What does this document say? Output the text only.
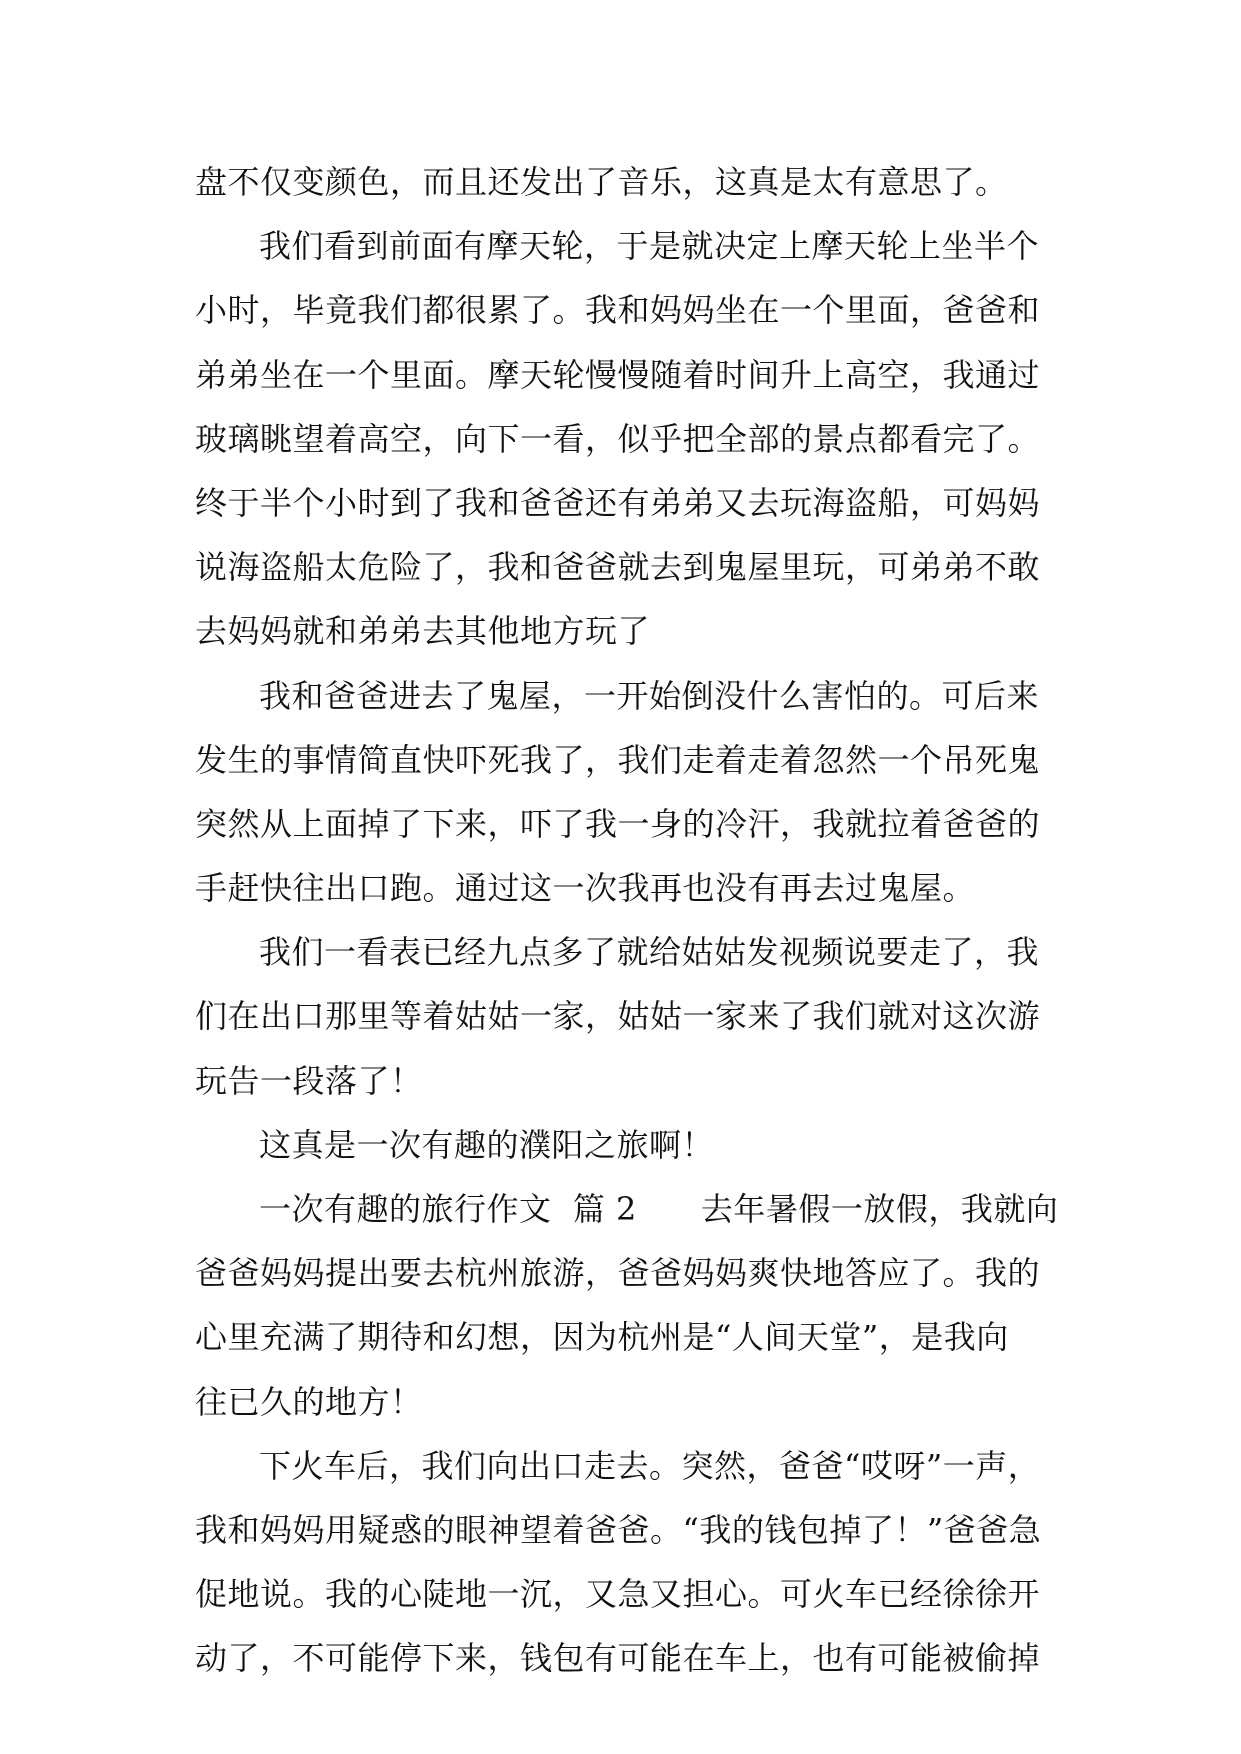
盘不仅变颜色，而且还发出了音乐，这真是太有意思了。
我们看到前面有摩天轮，于是就决定上摩天轮上坐半个
小时，毕竟我们都很累了。我和妈妈坐在一个里面，爸爸和
弟弟坐在一个里面。摩天轮慢慢随着时间升上高空，我通过
玻璃眺望着高空，向下一看，似乎把全部的景点都看完了。
终于半个小时到了我和爸爸还有弟弟又去玩海盗船，可妈妈
说海盗船太危险了，我和爸爸就去到鬼屋里玩，可弟弟不敢
去妈妈就和弟弟去其他地方玩了
我和爸爸进去了鬼屋，一开始倒没什么害怕的。可后来
发生的事情简直快吓死我了，我们走着走着忽然一个吊死鬼
突然从上面掉了下来，吓了我一身的冷汗，我就拉着爸爸的
手赶快往出口跑。通过这一次我再也没有再去过鬼屋。
我们一看表已经九点多了就给姑姑发视频说要走了，我
们在出口那里等着姑姑一家，姑姑一家来了我们就对这次游
玩告一段落了！
这真是一次有趣的濮阳之旅啊！
一次有趣的旅行作文  篇 2      去年暑假一放假，我就向
爸爸妈妈提出要去杭州旅游，爸爸妈妈爽快地答应了。我的
心里充满了期待和幻想，因为杭州是“人间天堂”，是我向
往已久的地方！
下火车后，我们向出口走去。突然，爸爸“哎呀”一声，
我和妈妈用疑惑的眼神望着爸爸。“我的钱包掉了！”爸爸急
促地说。我的心陡地一沉，又急又担心。可火车已经徐徐开
动了，不可能停下来，钱包有可能在车上，也有可能被偷掉
